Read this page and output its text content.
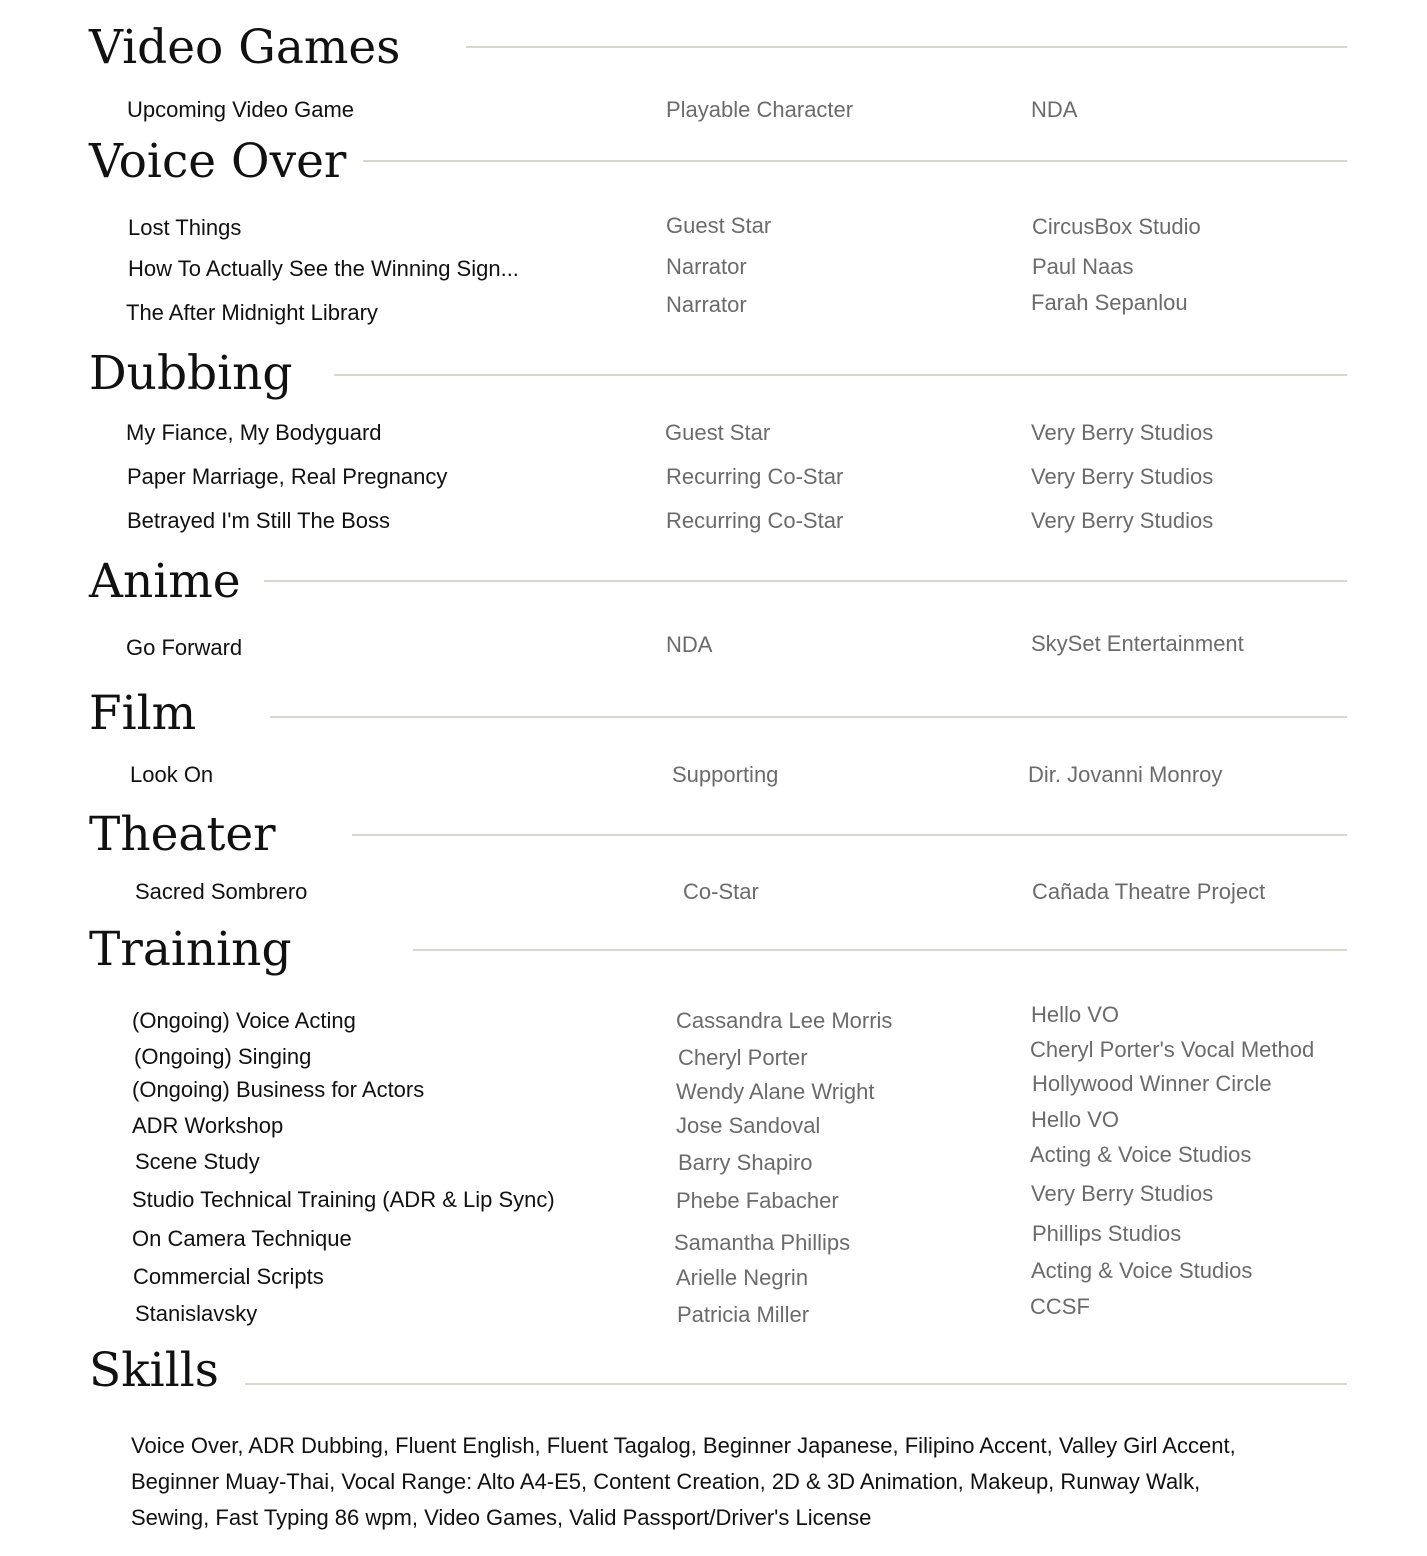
Video Games
Upcoming Video Game	Playable Character	NDA
Voice Over
Lost Things	Guest Star	CircusBox Studio
How To Actually See the Winning Sign...	Narrator	Paul Naas
The After Midnight Library	Narrator	Farah Sepanlou
Dubbing
My Fiance, My Bodyguard	Guest Star	Very Berry Studios
Paper Marriage, Real Pregnancy	Recurring Co-Star	Very Berry Studios
Betrayed I'm Still The Boss	Recurring Co-Star	Very Berry Studios
Anime
Go Forward	NDA	SkySet Entertainment
Film
Look On	Supporting	Dir. Jovanni Monroy
Theater
Sacred Sombrero	Co-Star	Cañada Theatre Project
Training
(Ongoing) Voice Acting	Cassandra Lee Morris	Hello VO
(Ongoing) Singing	Cheryl Porter	Cheryl Porter's Vocal Method
(Ongoing) Business for Actors	Wendy Alane Wright	Hollywood Winner Circle
ADR Workshop	Jose Sandoval	Hello VO
Scene Study	Barry Shapiro	Acting & Voice Studios
Studio Technical Training (ADR & Lip Sync)	Phebe Fabacher	Very Berry Studios
On Camera Technique	Samantha Phillips	Phillips Studios
Commercial Scripts	Arielle Negrin	Acting & Voice Studios
Stanislavsky	Patricia Miller	CCSF
Skills

Voice Over, ADR Dubbing, Fluent English, Fluent Tagalog, Beginner Japanese, Filipino Accent, Valley Girl Accent, Beginner Muay-Thai, Vocal Range: Alto A4-E5, Content Creation, 2D & 3D Animation, Makeup, Runway Walk, Sewing, Fast Typing 86 wpm, Video Games, Valid Passport/Driver's License
